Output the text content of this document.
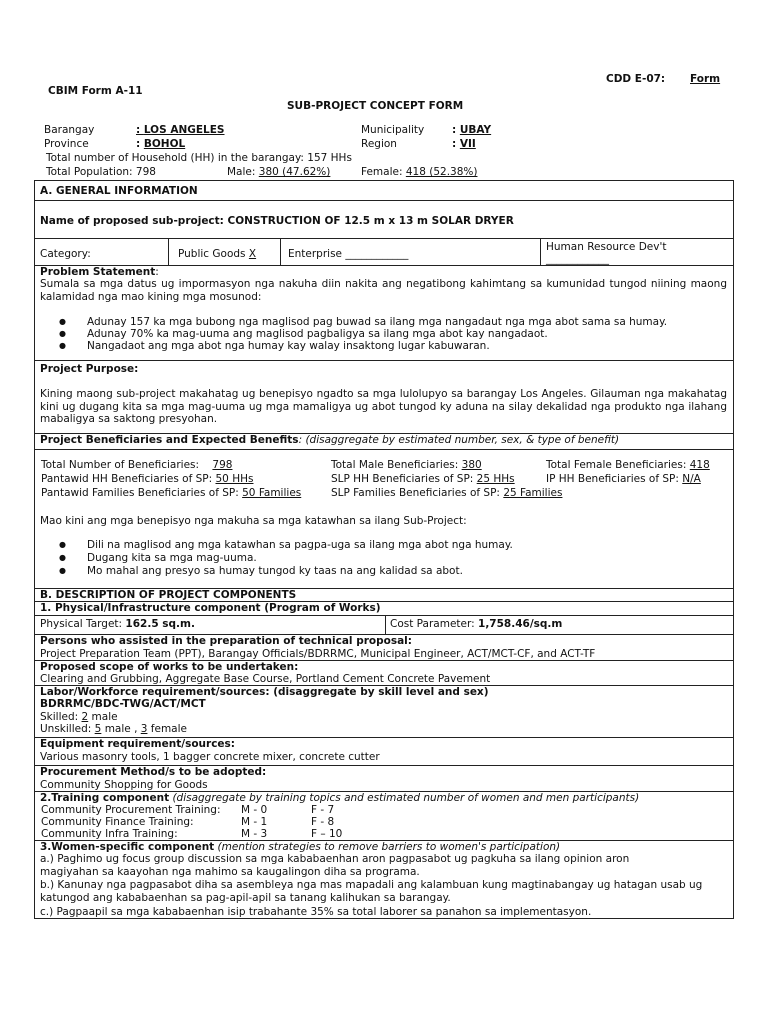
CDD E-07: Form
CBIM Form A-11
SUB-PROJECT CONCEPT FORM
Barangay	: LOS ANGELES	Municipality	: UBAY
Province	: BOHOL	Region	: VII
Total number of Household (HH) in the barangay: 157 HHs
Total Population: 798	Male: 380 (47.62%)	Female: 418 (52.38%)
A. GENERAL INFORMATION
Name of proposed sub-project: CONSTRUCTION OF 12.5 m x 13 m SOLAR DRYER
Category:	Public Goods X	Enterprise ____________
Human Resource Dev't
____________
Problem Statement:
Sumala sa mga datus ug impormasyon nga nakuha diin nakita ang negatibong kahimtang sa kumunidad tungod niining maong kalamidad nga mao kining mga mosunod:
● Adunay 157 ka mga bubong nga maglisod pag buwad sa ilang mga nangadaut nga mga abot sama sa humay.
● Adunay 70% ka mag-uuma ang maglisod pagbaligya sa ilang mga abot kay nangadaot.
● Nangadaot ang mga abot nga humay kay walay insaktong lugar kabuwaran.
Project Purpose:
Kining maong sub-project makahatag ug benepisyo ngadto sa mga lulolupyo sa barangay Los Angeles. Gilauman nga makahatag kini ug dugang kita sa mga mag-uuma ug mga mamaligya ug abot tungod ky aduna na silay dekalidad nga produkto nga ilahang mabaligya sa saktong presyohan.
Project Beneficiaries and Expected Benefits: (disaggregate by estimated number, sex, & type of benefit)
Total Number of Beneficiaries: 798	Total Male Beneficiaries: 380	Total Female Beneficiaries: 418
Pantawid HH Beneficiaries of SP: 50 HHs	SLP HH Beneficiaries of SP: 25 HHs	IP HH Beneficiaries of SP: N/A
Pantawid Families Beneficiaries of SP: 50 Families	SLP Families Beneficiaries of SP: 25 Families
Mao kini ang mga benepisyo nga makuha sa mga katawhan sa ilang Sub-Project:
● Dili na maglisod ang mga katawhan sa pagpa-uga sa ilang mga abot nga humay.
● Dugang kita sa mga mag-uuma.
● Mo mahal ang presyo sa humay tungod ky taas na ang kalidad sa abot.
B. DESCRIPTION OF PROJECT COMPONENTS
1. Physical/Infrastructure component (Program of Works)
Physical Target: 162.5 sq.m.	Cost Parameter: 1,758.46/sq.m
Persons who assisted in the preparation of technical proposal:
Project Preparation Team (PPT), Barangay Officials/BDRRMC, Municipal Engineer, ACT/MCT-CF, and ACT-TF
Proposed scope of works to be undertaken:
Clearing and Grubbing, Aggregate Base Course, Portland Cement Concrete Pavement
Labor/Workforce requirement/sources: (disaggregate by skill level and sex)
BDRRMC/BDC-TWG/ACT/MCT
Skilled: 2 male
Unskilled: 5 male , 3 female
Equipment requirement/sources:
Various masonry tools, 1 bagger concrete mixer, concrete cutter
Procurement Method/s to be adopted:
Community Shopping for Goods
2.Training component (disaggregate by training topics and estimated number of women and men participants)
Community Procurement Training: M - 0	F - 7
Community Finance Training:	M - 1	F - 8
Community Infra Training:	M - 3	F – 10
3.Women-specific component (mention strategies to remove barriers to women's participation)
a.) Paghimo ug focus group discussion sa mga kababaenhan aron pagpasabot ug pagkuha sa ilang opinion aron magiyahan sa kaayohan nga mahimo sa kaugalingon diha sa programa.
b.) Kanunay nga pagpasabot diha sa asembleya nga mas mapadali ang kalambuan kung magtinabangay ug hatagan usab ug katungod ang kababaenhan sa pag-apil-apil sa tanang kalihukan sa barangay.
c.) Pagpaapil sa mga kababaenhan isip trabahante 35% sa total laborer sa panahon sa implementasyon.
